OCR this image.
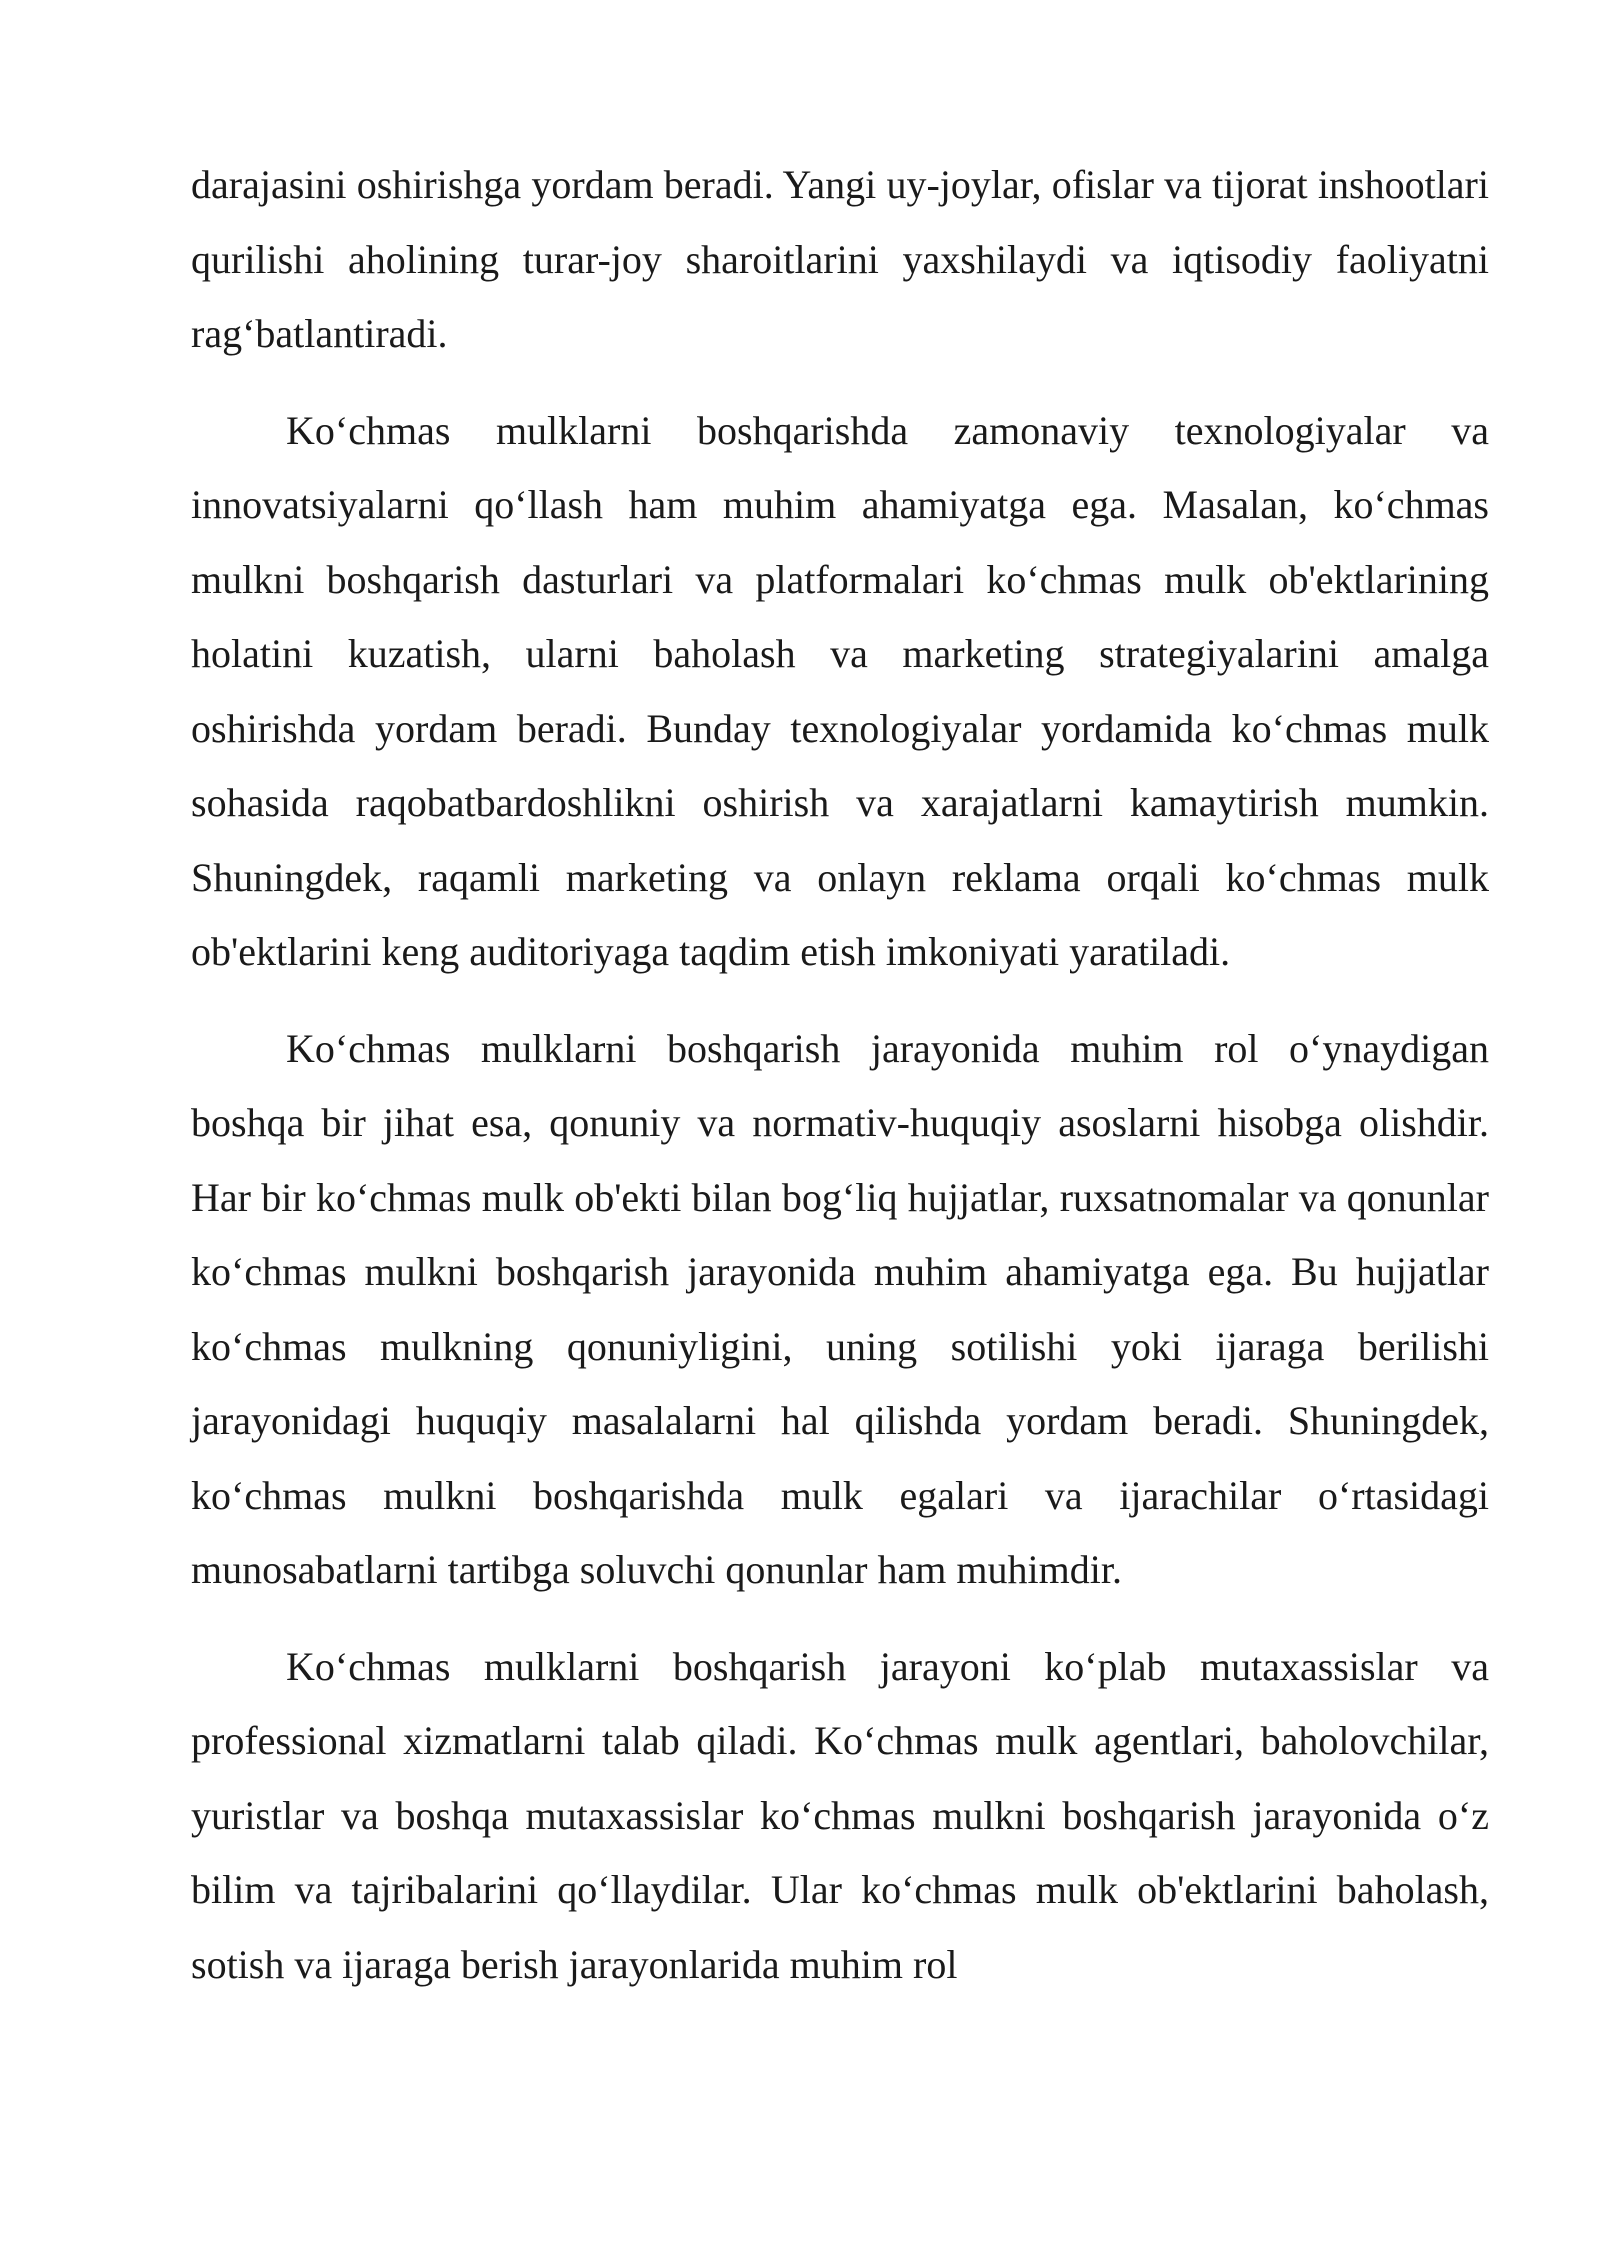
darajasini oshirishga yordam beradi. Yangi uy-joylar, ofislar va tijorat inshootlari qurilishi aholining turar-joy sharoitlarini yaxshilaydi va iqtisodiy faoliyatni rag‘batlantiradi.

Ko‘chmas mulklarni boshqarishda zamonaviy texnologiyalar va innovatsiyalarni qo‘llash ham muhim ahamiyatga ega. Masalan, ko‘chmas mulkni boshqarish dasturlari va platformalari ko‘chmas mulk ob'ektlarining holatini kuzatish, ularni baholash va marketing strategiyalarini amalga oshirishda yordam beradi. Bunday texnologiyalar yordamida ko‘chmas mulk sohasida raqobatbardoshlikni oshirish va xarajatlarni kamaytirish mumkin. Shuningdek, raqamli marketing va onlayn reklama orqali ko‘chmas mulk ob'ektlarini keng auditoriyaga taqdim etish imkoniyati yaratiladi.

Ko‘chmas mulklarni boshqarish jarayonida muhim rol o‘ynaydigan boshqa bir jihat esa, qonuniy va normativ-huquqiy asoslarni hisobga olishdir. Har bir ko‘chmas mulk ob'ekti bilan bog‘liq hujjatlar, ruxsatnomalar va qonunlar ko‘chmas mulkni boshqarish jarayonida muhim ahamiyatga ega. Bu hujjatlar ko‘chmas mulkning qonuniyligini, uning sotilishi yoki ijaraga berilishi jarayonidagi huquqiy masalalarni hal qilishda yordam beradi. Shuningdek, ko‘chmas mulkni boshqarishda mulk egalari va ijarachilar o‘rtasidagi munosabatlarni tartibga soluvchi qonunlar ham muhimdir.

Ko‘chmas mulklarni boshqarish jarayoni ko‘plab mutaxassislar va professional xizmatlarni talab qiladi. Ko‘chmas mulk agentlari, baholovchilar, yuristlar va boshqa mutaxassislar ko‘chmas mulkni boshqarish jarayonida o‘z bilim va tajribalarini qo‘llaydilar. Ular ko‘chmas mulk ob'ektlarini baholash, sotish va ijaraga berish jarayonlarida muhim rol
